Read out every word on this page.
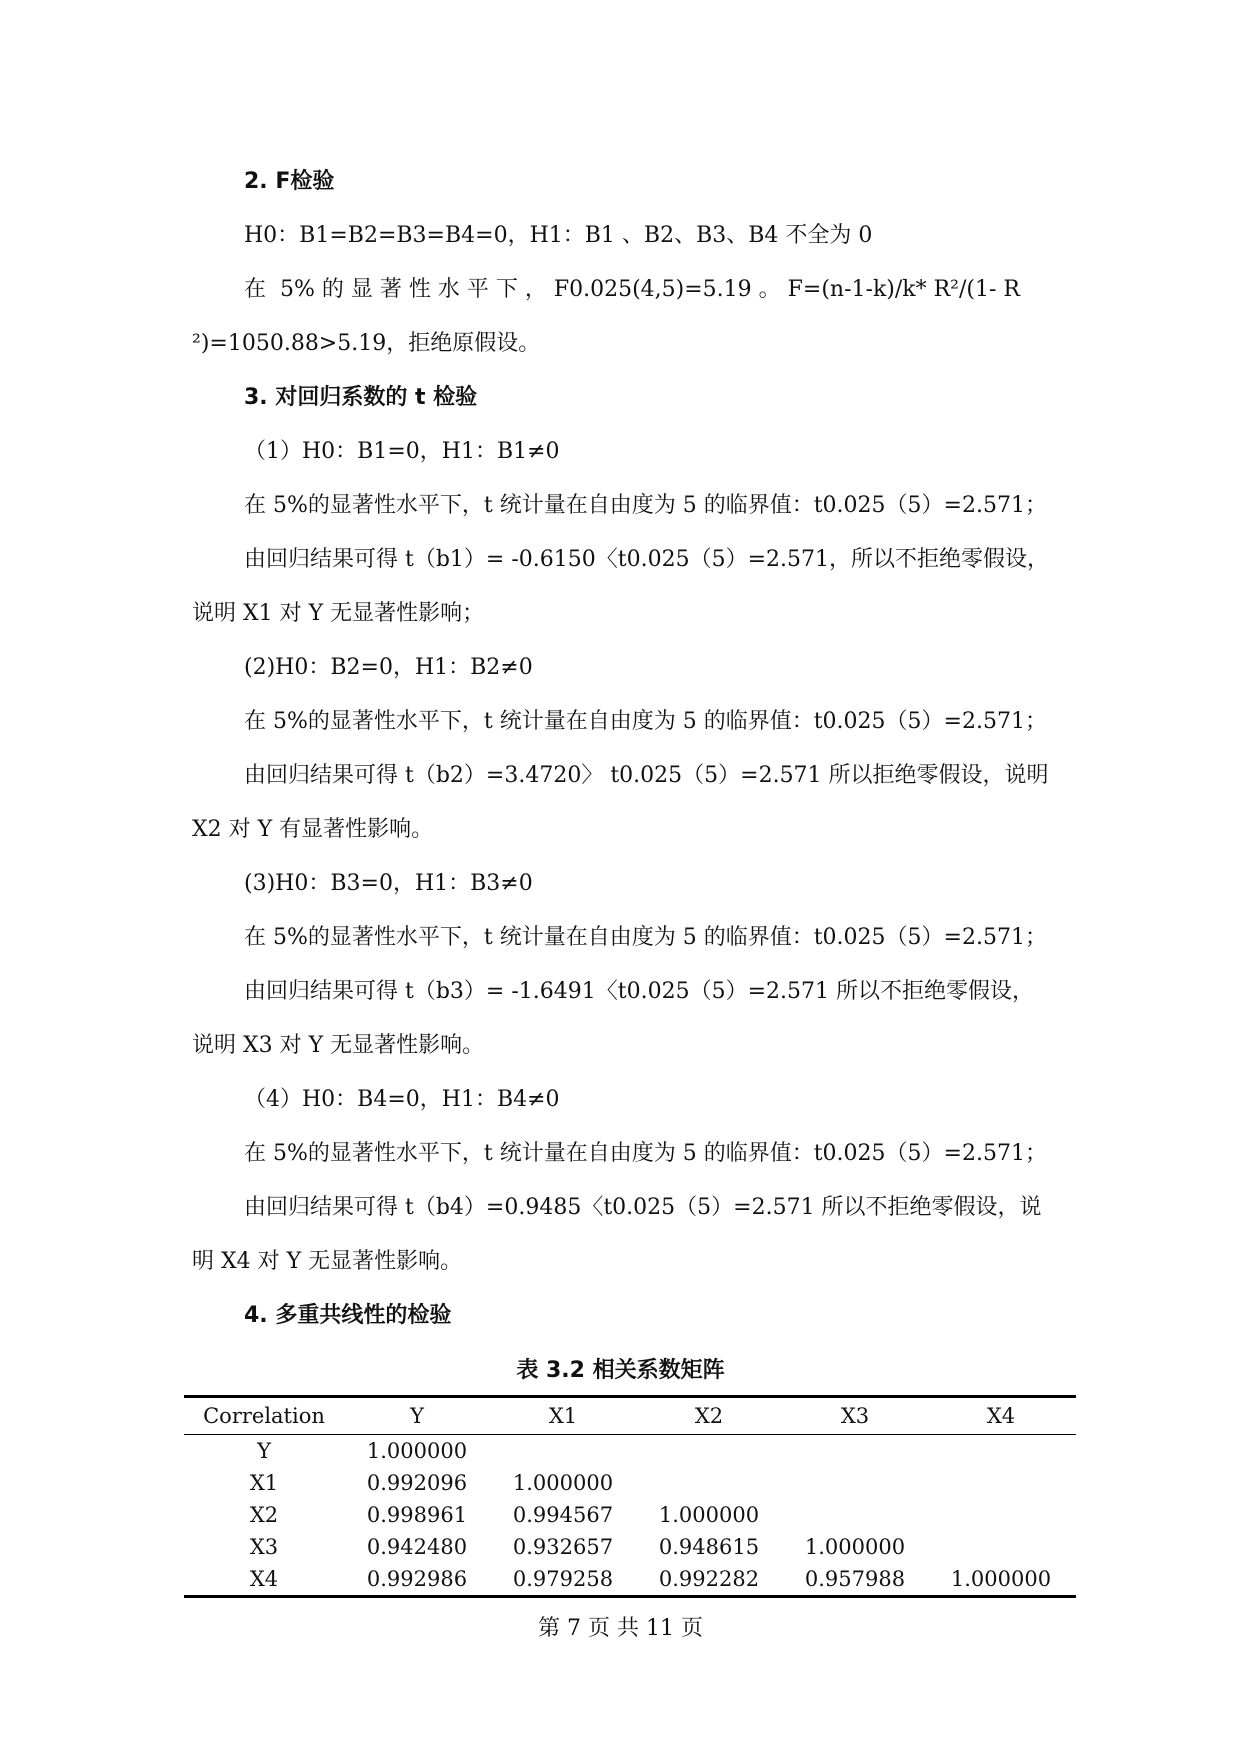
2. F检验
H0：B1=B2=B3=B4=0，H1：B1 、B2、B3、B4 不全为 0
在  5% 的 显 著 性 水 平 下 ， F0.025(4,5)=5.19 。 F=(n-1-k)/k* R²/(1- R
²)=1050.88>5.19，拒绝原假设。
3. 对回归系数的 t 检验
（1）H0：B1=0，H1：B1≠0
在 5%的显著性水平下，t 统计量在自由度为 5 的临界值：t0.025（5）=2.571；
由回归结果可得 t（b1）= -0.6150〈t0.025（5）=2.571，所以不拒绝零假设，
说明 X1 对 Y 无显著性影响；
(2)H0：B2=0，H1：B2≠0
在 5%的显著性水平下，t 统计量在自由度为 5 的临界值：t0.025（5）=2.571；
由回归结果可得 t（b2）=3.4720〉 t0.025（5）=2.571 所以拒绝零假设，说明
X2 对 Y 有显著性影响。
(3)H0：B3=0，H1：B3≠0
在 5%的显著性水平下，t 统计量在自由度为 5 的临界值：t0.025（5）=2.571；
由回归结果可得 t（b3）= -1.6491〈t0.025（5）=2.571 所以不拒绝零假设，
说明 X3 对 Y 无显著性影响。
（4）H0：B4=0，H1：B4≠0
在 5%的显著性水平下，t 统计量在自由度为 5 的临界值：t0.025（5）=2.571；
由回归结果可得 t（b4）=0.9485〈t0.025（5）=2.571 所以不拒绝零假设，说
明 X4 对 Y 无显著性影响。
4. 多重共线性的检验
表 3.2 相关系数矩阵
Correlation	Y	X1	X2	X3	X4
Y	1.000000
X1	0.992096	1.000000
X2	0.998961	0.994567	1.000000
X3	0.942480	0.932657	0.948615	1.000000
X4	0.992986	0.979258	0.992282	0.957988	1.000000
第 7 页 共 11 页
